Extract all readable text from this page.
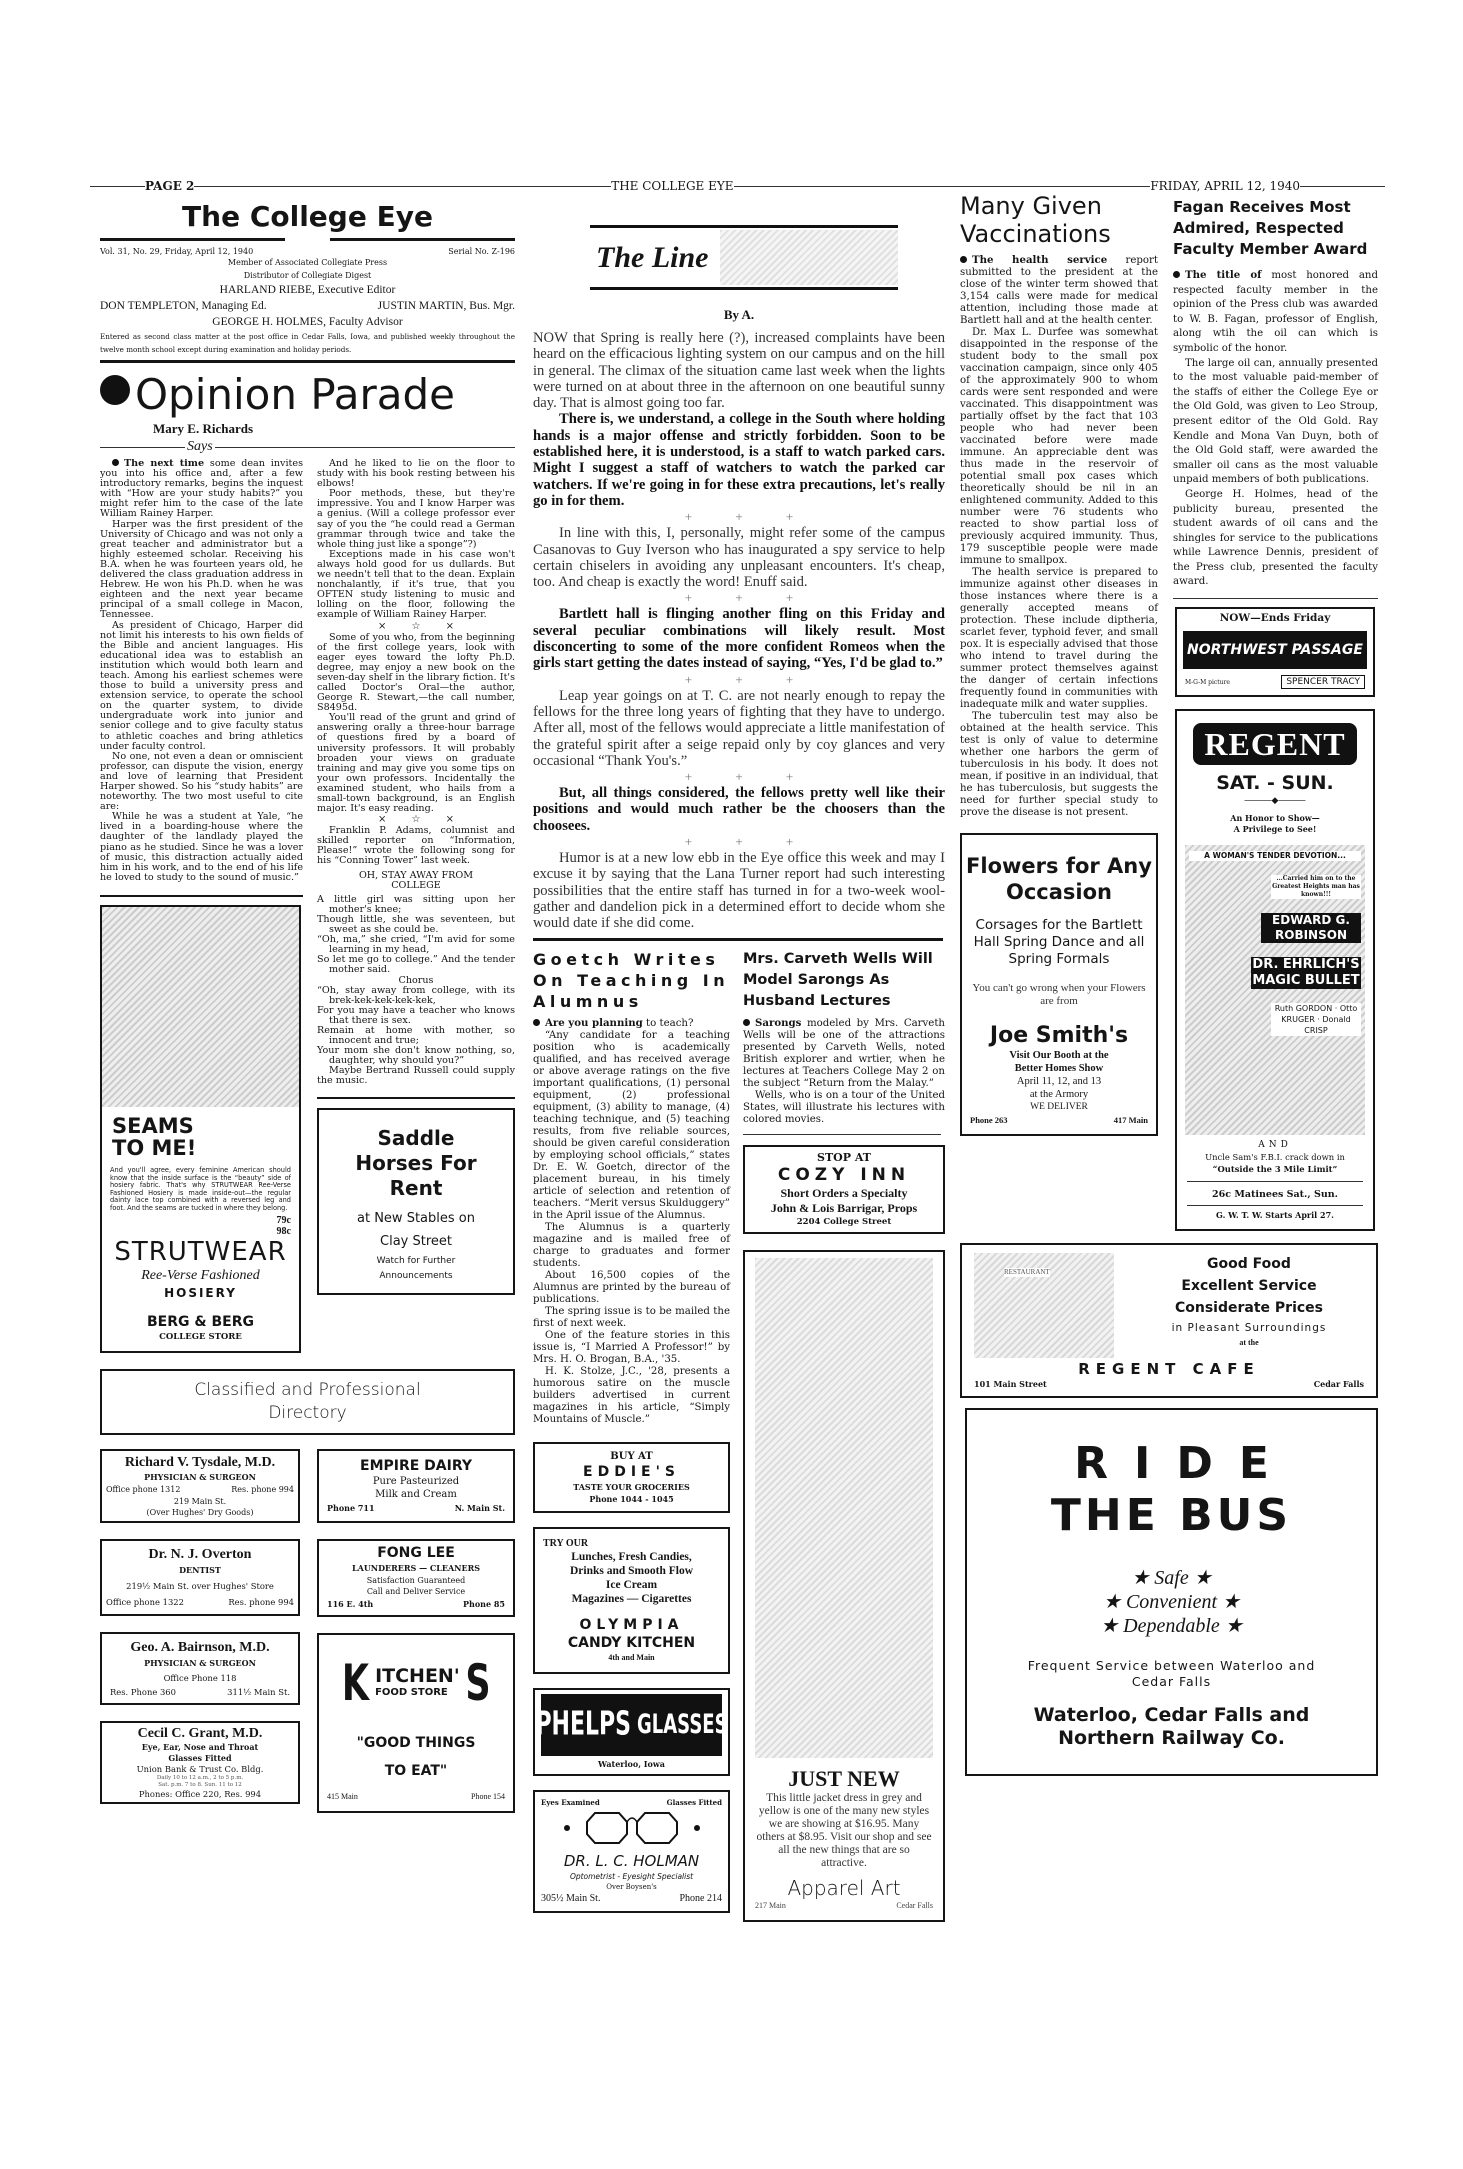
PAGE 2	THE COLLEGE EYE	FRIDAY, APRIL 12, 1940
The College Eye
Vol. 31, No. 29, Friday, April 12, 1940	Serial No. Z-196
Member of Associated Collegiate Press
Distributor of Collegiate Digest
HARLAND RIEBE, Executive Editor
DON TEMPLETON, Managing Ed.	JUSTIN MARTIN, Bus. Mgr.
GEORGE H. HOLMES, Faculty Advisor
Entered as second class matter at the post office in Cedar Falls, Iowa, and published weekly throughout the twelve month school except during examination and holiday periods.
Opinion Parade
Mary E. Richards
Says

The next time some dean invites you into his office and, after a few introductory remarks, begins the inquest with “How are your study habits?” you might refer him to the case of the late William Rainey Harper.

Harper was the first president of the University of Chicago and was not only a great teacher and administrator but a highly esteemed scholar. Receiving his B.A. when he was fourteen years old, he delivered the class graduation address in Hebrew. He won his Ph.D. when he was eighteen and the next year became principal of a small college in Macon, Tennessee.

As president of Chicago, Harper did not limit his interests to his own fields of the Bible and ancient languages. His educational idea was to establish an institution which would both learn and teach. Among his earliest schemes were those to build a university press and extension service, to operate the school on the quarter system, to divide undergraduate work into junior and senior college and to give faculty status to athletic coaches and bring athletics under faculty control.

No one, not even a dean or omniscient professor, can dispute the vision, energy and love of learning that President Harper showed. So his “study habits” are noteworthy. The two most useful to cite are:

While he was a student at Yale, “he lived in a boarding-house where the daughter of the landlady played the piano as he studied. Since he was a lover of music, this distraction actually aided him in his work, and to the end of his life he loved to study to the sound of music.”

SEAMS TO ME!
And you'll agree, every feminine American should know that the inside surface is the “beauty” side of hosiery fabric. That's why STRUTWEAR Ree-Verse Fashioned Hosiery is made inside-out—the regular dainty lace top combined with a reversed leg and foot. And the seams are tucked in where they belong.
79c
98c
STRUTWEAR
Ree-Verse Fashioned
HOSIERY
BERG & BERG
COLLEGE STORE

And he liked to lie on the floor to study with his book resting between his elbows!

Poor methods, these, but they're impressive. You and I know Harper was a genius. (Will a college professor ever say of you the “he could read a German grammar through twice and take the whole thing just like a sponge”?)

Exceptions made in his case won't always hold good for us dullards. But we needn't tell that to the dean. Explain nonchalantly, if it's true, that you OFTEN study listening to music and lolling on the floor, following the example of William Rainey Harper.

× ☆ ×

Some of you who, from the beginning of the first college years, look with eager eyes toward the lofty Ph.D. degree, may enjoy a new book on the seven-day shelf in the library fiction. It's called Doctor's Oral—the author, George R. Stewart,—the call number, S8495d.

You'll read of the grunt and grind of answering orally a three-hour barrage of questions fired by a board of university professors. It will probably broaden your views on graduate training and may give you some tips on your own professors. Incidentally the examined student, who hails from a small-town background, is an English major. It's easy reading.

× ☆ ×

Franklin P. Adams, columnist and skilled reporter on “Information, Please!” wrote the following song for his “Conning Tower” last week.

OH, STAY AWAY FROM COLLEGE
A little girl was sitting upon her mother's knee;
Though little, she was seventeen, but sweet as she could be.
“Oh, ma,” she cried, “I'm avid for some learning in my head,
So let me go to college.” And the tender mother said.
Chorus
“Oh, stay away from college, with its brek-kek-kek-kek-kek,
For you may have a teacher who knows that there is sex.
Remain at home with mother, so innocent and true;
Your mom she don't know nothing, so, daughter, why should you?”

Maybe Bertrand Russell could supply the music.

Saddle Horses For Rent
at New Stables on
Clay Street
Watch for Further
Announcements
Classified and Professional Directory
Richard V. Tysdale, M.D.
PHYSICIAN & SURGEON
Office phone 1312	Res. phone 994
219 Main St.
(Over Hughes' Dry Goods)
Dr. N. J. Overton
DENTIST
219½ Main St. over Hughes' Store
Office phone 1322	Res. phone 994
Geo. A. Bairnson, M.D.
PHYSICIAN & SURGEON
Office Phone 118
Res. Phone 360	311½ Main St.
Cecil C. Grant, M.D.
Eye, Ear, Nose and Throat
Glasses Fitted
Union Bank & Trust Co. Bldg.
Daily 10 to 12 a.m., 2 to 5 p.m.
Sat. p.m. 7 to 8. Sun. 11 to 12
Phones: Office 220, Res. 994
EMPIRE DAIRY
Pure Pasteurized
Milk and Cream
Phone 711	N. Main St.
FONG LEE
LAUNDERERS — CLEANERS
Satisfaction Guaranteed
Call and Deliver Service
116 E. 4th	Phone 85
K ITCHEN'
FOOD STORE S
"GOOD THINGS
TO EAT"
415 Main	Phone 154
The Line
By A.

NOW that Spring is really here (?), increased complaints have been heard on the efficacious lighting system on our campus and on the hill in general. The climax of the situation came last week when the lights were turned on at about three in the afternoon on one beautiful sunny day. That is almost going too far.

There is, we understand, a college in the South where holding hands is a major offense and strictly forbidden. Soon to be established here, it is understood, is a staff to watch parked cars. Might I suggest a staff of watchers to watch the parked car watchers. If we're going in for these extra precautions, let's really go in for them.

+ + +

In line with this, I, personally, might refer some of the campus Casanovas to Guy Iverson who has inaugurated a spy service to help certain chiselers in avoiding any unpleasant encounters. It's cheap, too. And cheap is exactly the word! Enuff said.

+ + +

Bartlett hall is flinging another fling on this Friday and several peculiar combinations will likely result. Most disconcerting to some of the more confident Romeos when the girls start getting the dates instead of saying, “Yes, I'd be glad to.”

+ + +

Leap year goings on at T. C. are not nearly enough to repay the fellows for the three long years of fighting that they have to undergo. After all, most of the fellows would appreciate a little manifestation of the grateful spirit after a seige repaid only by coy glances and very occasional “Thank You's.”

+ + +

But, all things considered, the fellows pretty well like their positions and would much rather be the choosers than the choosees.

+ + +

Humor is at a new low ebb in the Eye office this week and may I excuse it by saying that the Lana Turner report had such interesting possibilities that the entire staff has turned in for a two-week wool-gather and dandelion pick in a determined effort to decide whom she would date if she did come.

Goetch Writes On Teaching In Alumnus

Are you planning to teach?

“Any candidate for a teaching position who is academically qualified, and has received average or above average ratings on the five important qualifications, (1) personal equipment, (2) professional equipment, (3) ability to manage, (4) teaching technique, and (5) teaching results, from five reliable sources, should be given careful consideration by employing school officials,” states Dr. E. W. Goetch, director of the placement bureau, in his timely article of selection and retention of teachers. “Merit versus Skulduggery” in the April issue of the Alumnus.

The Alumnus is a quarterly magazine and is mailed free of charge to graduates and former students.

About 16,500 copies of the Alumnus are printed by the bureau of publications.

The spring issue is to be mailed the first of next week.

One of the feature stories in this issue is, “I Married A Professor!” by Mrs. H. O. Brogan, B.A., '35.

H. K. Stolze, J.C., '28, presents a humorous satire on the muscle builders advertised in current magazines in his article, “Simply Mountains of Muscle.”

BUY AT
EDDIE'S
TASTE YOUR GROCERIES
Phone 1044 - 1045
TRY OUR
Lunches, Fresh Candies,
Drinks and Smooth Flow
Ice Cream
Magazines — Cigarettes
OLYMPIA
CANDY KITCHEN
4th and Main
PHELPS GLASSES
Waterloo, Iowa
Eyes Examined	Glasses Fitted
DR. L. C. HOLMAN
Optometrist - Eyesight Specialist
Over Boysen's
305½ Main St.	Phone 214
Mrs. Carveth Wells Will Model Sarongs As Husband Lectures

Sarongs modeled by Mrs. Carveth Wells will be one of the attractions presented by Carveth Wells, noted British explorer and wrtier, when he lectures at Teachers College May 2 on the subject “Return from the Malay.”

Wells, who is on a tour of the United States, will illustrate his lectures with colored movies.

STOP AT
COZY INN
Short Orders a Specialty
John & Lois Barrigar, Props
2204 College Street
JUST NEW
This little jacket dress in grey and yellow is one of the many new styles we are showing at $16.95. Many others at $8.95. Visit our shop and see all the new things that are so attractive.
Apparel Art
217 Main	Cedar Falls
Many Given Vaccinations

The health service report submitted to the president at the close of the winter term showed that 3,154 calls were made for medical attention, including those made at Bartlett hall and at the health center.

Dr. Max L. Durfee was somewhat disappointed in the response of the student body to the small pox vaccination campaign, since only 405 of the approximately 900 to whom cards were sent responded and were vaccinated. This disappointment was partially offset by the fact that 103 people who had never been vaccinated before were made immune. An appreciable dent was thus made in the reservoir of potential small pox cases which theoretically should be nil in an enlightened community. Added to this number were 76 students who reacted to show partial loss of previously acquired immunity. Thus, 179 susceptible people were made immune to smallpox.

The health service is prepared to immunize against other diseases in those instances where there is a generally accepted means of protection. These include diptheria, scarlet fever, typhoid fever, and small pox. It is especially advised that those who intend to travel during the summer protect themselves against the danger of certain infections frequently found in communities with inadequate milk and water supplies.

The tuberculin test may also be obtained at the health service. This test is only of value to determine whether one harbors the germ of tuberculosis in his body. It does not mean, if positive in an individual, that he has tuberculosis, but suggests the need for further special study to prove the disease is not present.

Flowers for Any Occasion
Corsages for the Bartlett Hall Spring Dance and all Spring Formals
You can't go wrong when your Flowers are from
Joe Smith's
Visit Our Booth at the
Better Homes Show
April 11, 12, and 13
at the Armory
WE DELIVER
Phone 263	417 Main
Fagan Receives Most Admired, Respected Faculty Member Award

The title of most honored and respected faculty member in the opinion of the Press club was awarded to W. B. Fagan, professor of English, along wtih the oil can which is symbolic of the honor.

The large oil can, annually presented to the most valuable paid-member of the staffs of either the College Eye or the Old Gold, was given to Leo Stroup, present editor of the Old Gold. Ray Kendle and Mona Van Duyn, both of the Old Gold staff, were awarded the smaller oil cans as the most valuable unpaid members of both publications.

George H. Holmes, head of the publicity bureau, presented the student awards of oil cans and the shingles for service to the publications while Lawrence Dennis, president of the Press club, presented the faculty award.

NOW—Ends Friday
NORTHWEST PASSAGE
M-G-M picture	SPENCER TRACY
REGENT
SAT. - SUN.
―――◆―――
An Honor to Show—
A Privilege to See!
A WOMAN'S TENDER DEVOTION...
...Carried him on to the Greatest Heights man has known!!!
EDWARD G. ROBINSON
DR. EHRLICH'S MAGIC BULLET
Ruth GORDON · Otto KRUGER · Donald CRISP
AND
Uncle Sam's F.B.I. crack down in
“Outside the 3 Mile Limit”
26c Matinees Sat., Sun.
G. W. T. W. Starts April 27.
RESTAURANT	Good Food
Excellent Service
Considerate Prices
in Pleasant Surroundings
at the
REGENT CAFE
101 Main Street	Cedar Falls
RIDE
THE BUS
★ Safe ★
★ Convenient ★
★ Dependable ★
Frequent Service between Waterloo and Cedar Falls
Waterloo, Cedar Falls and Northern Railway Co.
